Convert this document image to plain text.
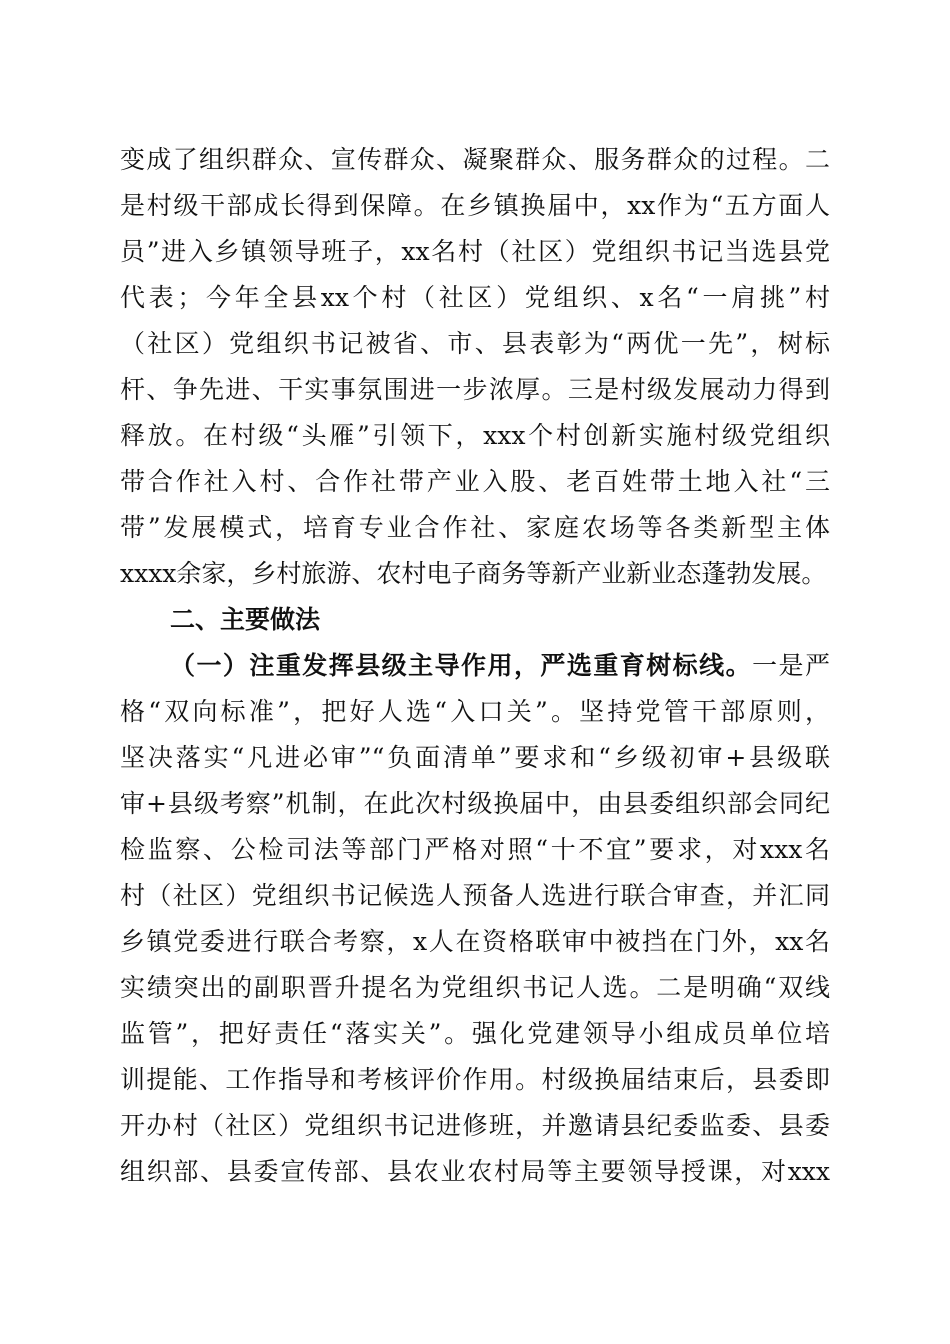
变成了组织群众、宣传群众、凝聚群众、服务群众的过程。二
是村级干部成长得到保障。在乡镇换届中，xx作为“五方面人
员”进入乡镇领导班子，xx名村（社区）党组织书记当选县党
代表；今年全县xx个村（社区）党组织、x名“一肩挑”村
（社区）党组织书记被省、市、县表彰为“两优一先”，树标
杆、争先进、干实事氛围进一步浓厚。三是村级发展动力得到
释放。在村级“头雁”引领下，xxx个村创新实施村级党组织
带合作社入村、合作社带产业入股、老百姓带土地入社“三
带”发展模式，培育专业合作社、家庭农场等各类新型主体
xxxx余家，乡村旅游、农村电子商务等新产业新业态蓬勃发展。
二、主要做法
（一）注重发挥县级主导作用，严选重育树标线。一是严
格“双向标准”，把好人选“入口关”。坚持党管干部原则，
坚决落实“凡进必审”“负面清单”要求和“乡级初审+县级联
审+县级考察”机制，在此次村级换届中，由县委组织部会同纪
检监察、公检司法等部门严格对照“十不宜”要求，对xxx名
村（社区）党组织书记候选人预备人选进行联合审查，并汇同
乡镇党委进行联合考察，x人在资格联审中被挡在门外，xx名
实绩突出的副职晋升提名为党组织书记人选。二是明确“双线
监管”，把好责任“落实关”。强化党建领导小组成员单位培
训提能、工作指导和考核评价作用。村级换届结束后，县委即
开办村（社区）党组织书记进修班，并邀请县纪委监委、县委
组织部、县委宣传部、县农业农村局等主要领导授课，对xxx
